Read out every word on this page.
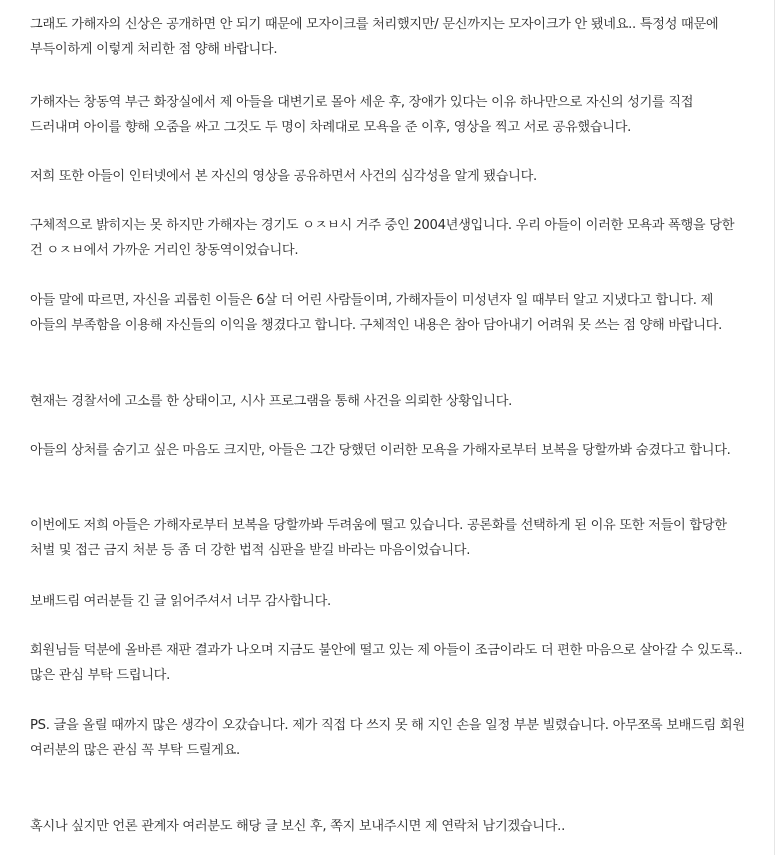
그래도 가해자의 신상은 공개하면 안 되기 때문에 모자이크를 처리했지만/ 문신까지는 모자이크가 안 됐네요.. 특정성 때문에 부득이하게 이렇게 처리한 점 양해 바랍니다.

가해자는 창동역 부근 화장실에서 제 아들을 대변기로 몰아 세운 후, 장애가 있다는 이유 하나만으로 자신의 성기를 직접 드러내며 아이를 향해 오줌을 싸고 그것도 두 명이 차례대로 모욕을 준 이후, 영상을 찍고 서로 공유했습니다.

저희 또한 아들이 인터넷에서 본 자신의 영상을 공유하면서 사건의 심각성을 알게 됐습니다.

구체적으로 밝히지는 못 하지만 가해자는 경기도 ㅇㅈㅂ시 거주 중인 2004년생입니다. 우리 아들이 이러한 모욕과 폭행을 당한 건 ㅇㅈㅂ에서 가까운 거리인 창동역이었습니다.

아들 말에 따르면, 자신을 괴롭힌 이들은 6살 더 어린 사람들이며, 가해자들이 미성년자 일 때부터 알고 지냈다고 합니다. 제 아들의 부족함을 이용해 자신들의 이익을 챙겼다고 합니다. 구체적인 내용은 참아 담아내기 어려워 못 쓰는 점 양해 바랍니다.

현재는 경찰서에 고소를 한 상태이고, 시사 프로그램을 통해 사건을 의뢰한 상황입니다.

아들의 상처를 숨기고 싶은 마음도 크지만, 아들은 그간 당했던 이러한 모욕을 가해자로부터 보복을 당할까봐 숨겼다고 합니다.

이번에도 저희 아들은 가해자로부터 보복을 당할까봐 두려움에 떨고 있습니다. 공론화를 선택하게 된 이유 또한 저들이 합당한 처벌 및 접근 금지 처분 등 좀 더 강한 법적 심판을 받길 바라는 마음이었습니다.

보배드림 여러분들 긴 글 읽어주셔서 너무 감사합니다.

회원님들 덕분에 올바른 재판 결과가 나오며 지금도 불안에 떨고 있는 제 아들이 조금이라도 더 편한 마음으로 살아갈 수 있도록.. 많은 관심 부탁 드립니다.

PS. 글을 올릴 때까지 많은 생각이 오갔습니다. 제가 직접 다 쓰지 못 해 지인 손을 일정 부분 빌렸습니다. 아무쪼록 보배드림 회원 여러분의 많은 관심 꼭 부탁 드릴게요.

혹시나 싶지만 언론 관계자 여러분도 해당 글 보신 후, 쪽지 보내주시면 제 연락처 남기겠습니다..
